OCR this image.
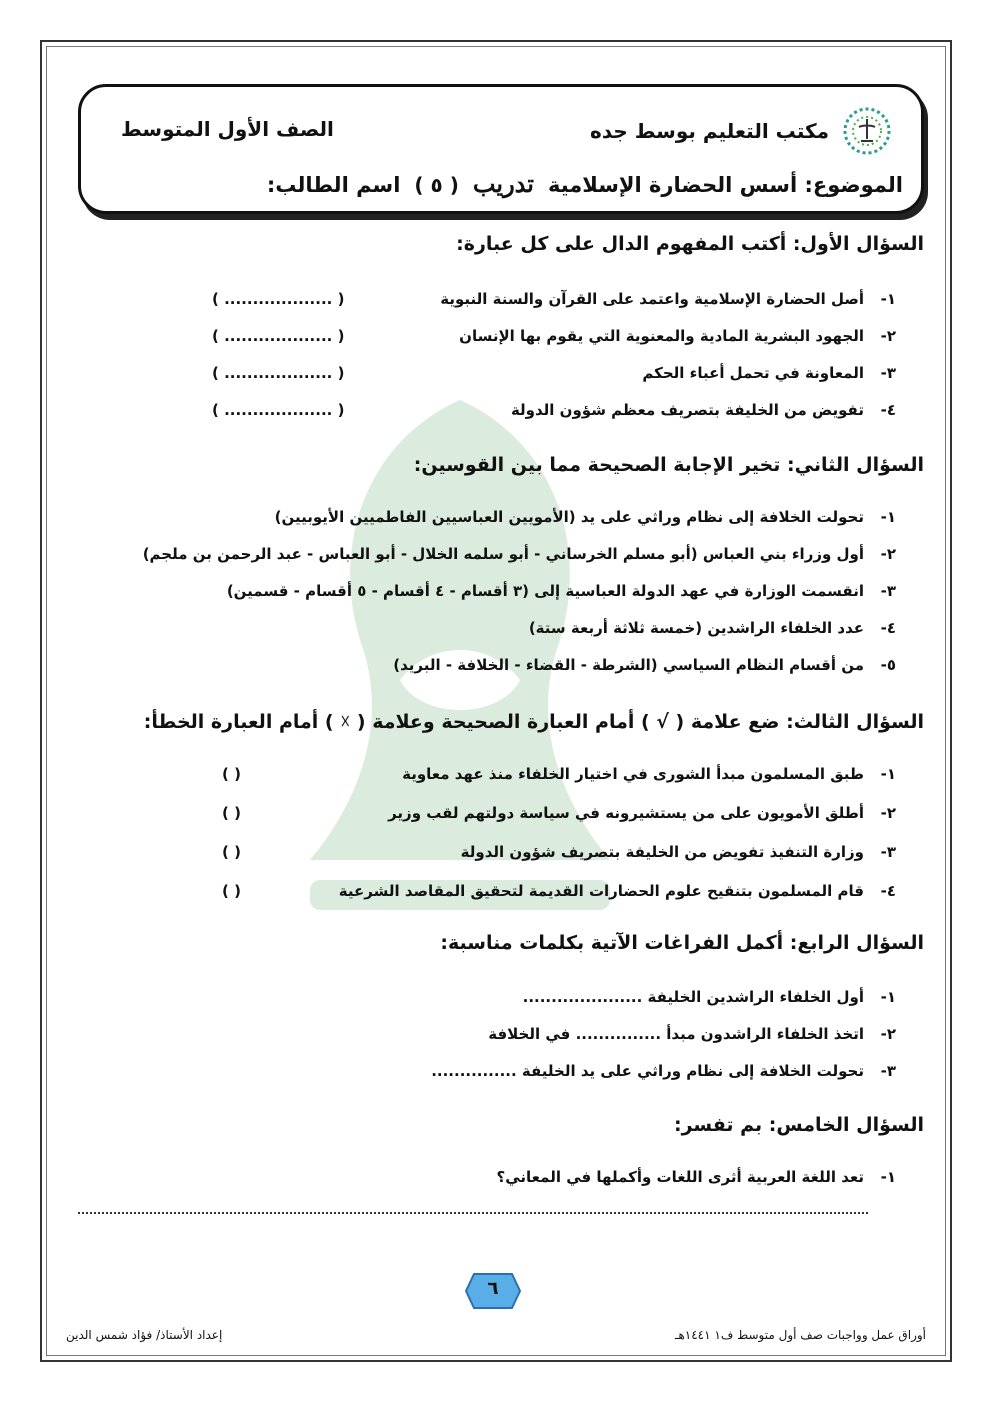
مكتب التعليم بوسط جده
الصف الأول المتوسط
الموضوع: أسس الحضارة الإسلامية
تدريب
( ٥ )
اسم الطالب:
السؤال الأول: أكتب المفهوم الدال على كل عبارة:
١-
أصل الحضارة الإسلامية واعتمد على القرآن والسنة النبوية
( ................... )
٢-
الجهود البشرية المادية والمعنوية التي يقوم بها الإنسان
( ................... )
٣-
المعاونة في تحمل أعباء الحكم
( ................... )
٤-
تفويض من الخليفة بتصريف معظم شؤون الدولة
( ................... )
السؤال الثاني: تخير الإجابة الصحيحة مما بين القوسين:
١-
تحولت الخلافة إلى نظام وراثي على يد (الأمويين العباسيين الفاطميين الأيوبيين)
٢-
أول وزراء بني العباس (أبو مسلم الخرساني - أبو سلمه الخلال - أبو العباس - عبد الرحمن بن ملجم)
٣-
انقسمت الوزارة في عهد الدولة العباسية إلى (٣ أقسام - ٤ أقسام - ٥ أقسام - قسمين)
٤-
عدد الخلفاء الراشدين (خمسة ثلاثة أربعة ستة)
٥-
من أقسام النظام السياسي (الشرطة - القضاء - الخلافة - البريد)
السؤال الثالث: ضع علامة ( √ ) أمام العبارة الصحيحة وعلامة ( ☓ ) أمام العبارة الخطأ:
١-
طبق المسلمون مبدأ الشورى في اختيار الخلفاء منذ عهد معاوية
( )
٢-
أطلق الأمويون على من يستشيرونه في سياسة دولتهم لقب وزير
( )
٣-
وزارة التنفيذ تفويض من الخليفة بتصريف شؤون الدولة
( )
٤-
قام المسلمون بتنقيح علوم الحضارات القديمة لتحقيق المقاصد الشرعية
( )
السؤال الرابع: أكمل الفراغات الآتية بكلمات مناسبة:
١-
أول الخلفاء الراشدين الخليفة .....................
٢-
اتخذ الخلفاء الراشدون مبدأ ............... في الخلافة
٣-
تحولت الخلافة إلى نظام وراثي على يد الخليفة ...............
السؤال الخامس: بم تفسر:
١-
تعد اللغة العربية أثرى اللغات وأكملها في المعاني؟
٦
إعداد الأستاذ/ فؤاد شمس الدين	أوراق عمل وواجبات صف أول متوسط ف١ ١٤٤١هـ
